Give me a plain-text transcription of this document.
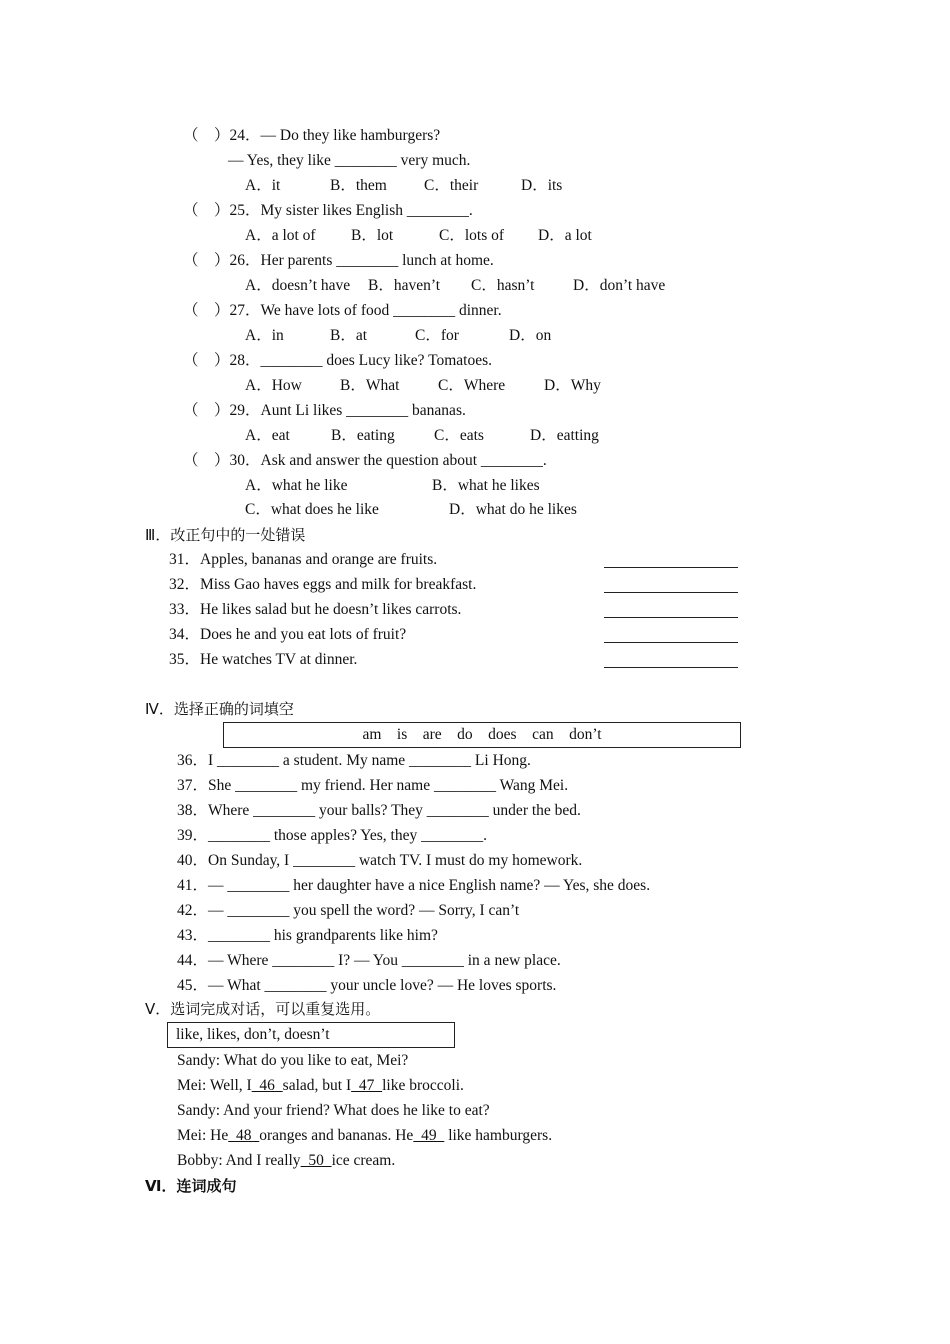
（　）24．— Do they like hamburgers?
— Yes, they like ________ very much.
A．it	B．them C．their	D．its
（　）25．My sister likes English ________.
A．a lot of B．lot	C．lots of D．a lot
（　）26．Her parents ________ lunch at home.
A．doesn’t have B．haven’t C．hasn’t D．don’t have
（　）27．We have lots of food ________ dinner.
A．in	B．at	C．for	D．on
（　）28．________ does Lucy like? Tomatoes.
A．How B．What C．Where	D．Why
（　）29．Aunt Li likes ________ bananas.
A．eat	B．eating	C．eats	D．eatting
（　）30．Ask and answer the question about ________.
A．what he like	B．what he likes
C．what does he like	D．what do he likes
Ⅲ．改正句中的一处错误
31．Apples, bananas and orange are fruits.
32．Miss Gao haves eggs and milk for breakfast.
33．He likes salad but he doesn’t likes carrots.
34．Does he and you eat lots of fruit?
35．He watches TV at dinner.
Ⅳ．选择正确的词填空
am　is　are　do　does　can　don’t
36．I ________ a student. My name ________ Li Hong.
37．She ________ my friend. Her name ________ Wang Mei.
38．Where ________ your balls? They ________ under the bed.
39．________ those apples? Yes, they ________.
40．On Sunday, I ________ watch TV. I must do my homework.
41．— ________ her daughter have a nice English name? — Yes, she does.
42．— ________ you spell the word? — Sorry, I can’t
43．________ his grandparents like him?
44．— Where ________ I? — You ________ in a new place.
45．— What ________ your uncle love? — He loves sports.
Ⅴ．选词完成对话，可以重复选用。
like, likes, don’t, doesn’t
Sandy: What do you like to eat, Mei?
Mei: Well, I  46  salad, but I  47  like broccoli.
Sandy: And your friend? What does he like to eat?
Mei: He  48  oranges and bananas. He  49   like hamburgers.
Bobby: And I really  50  ice cream.
Ⅵ．连词成句
